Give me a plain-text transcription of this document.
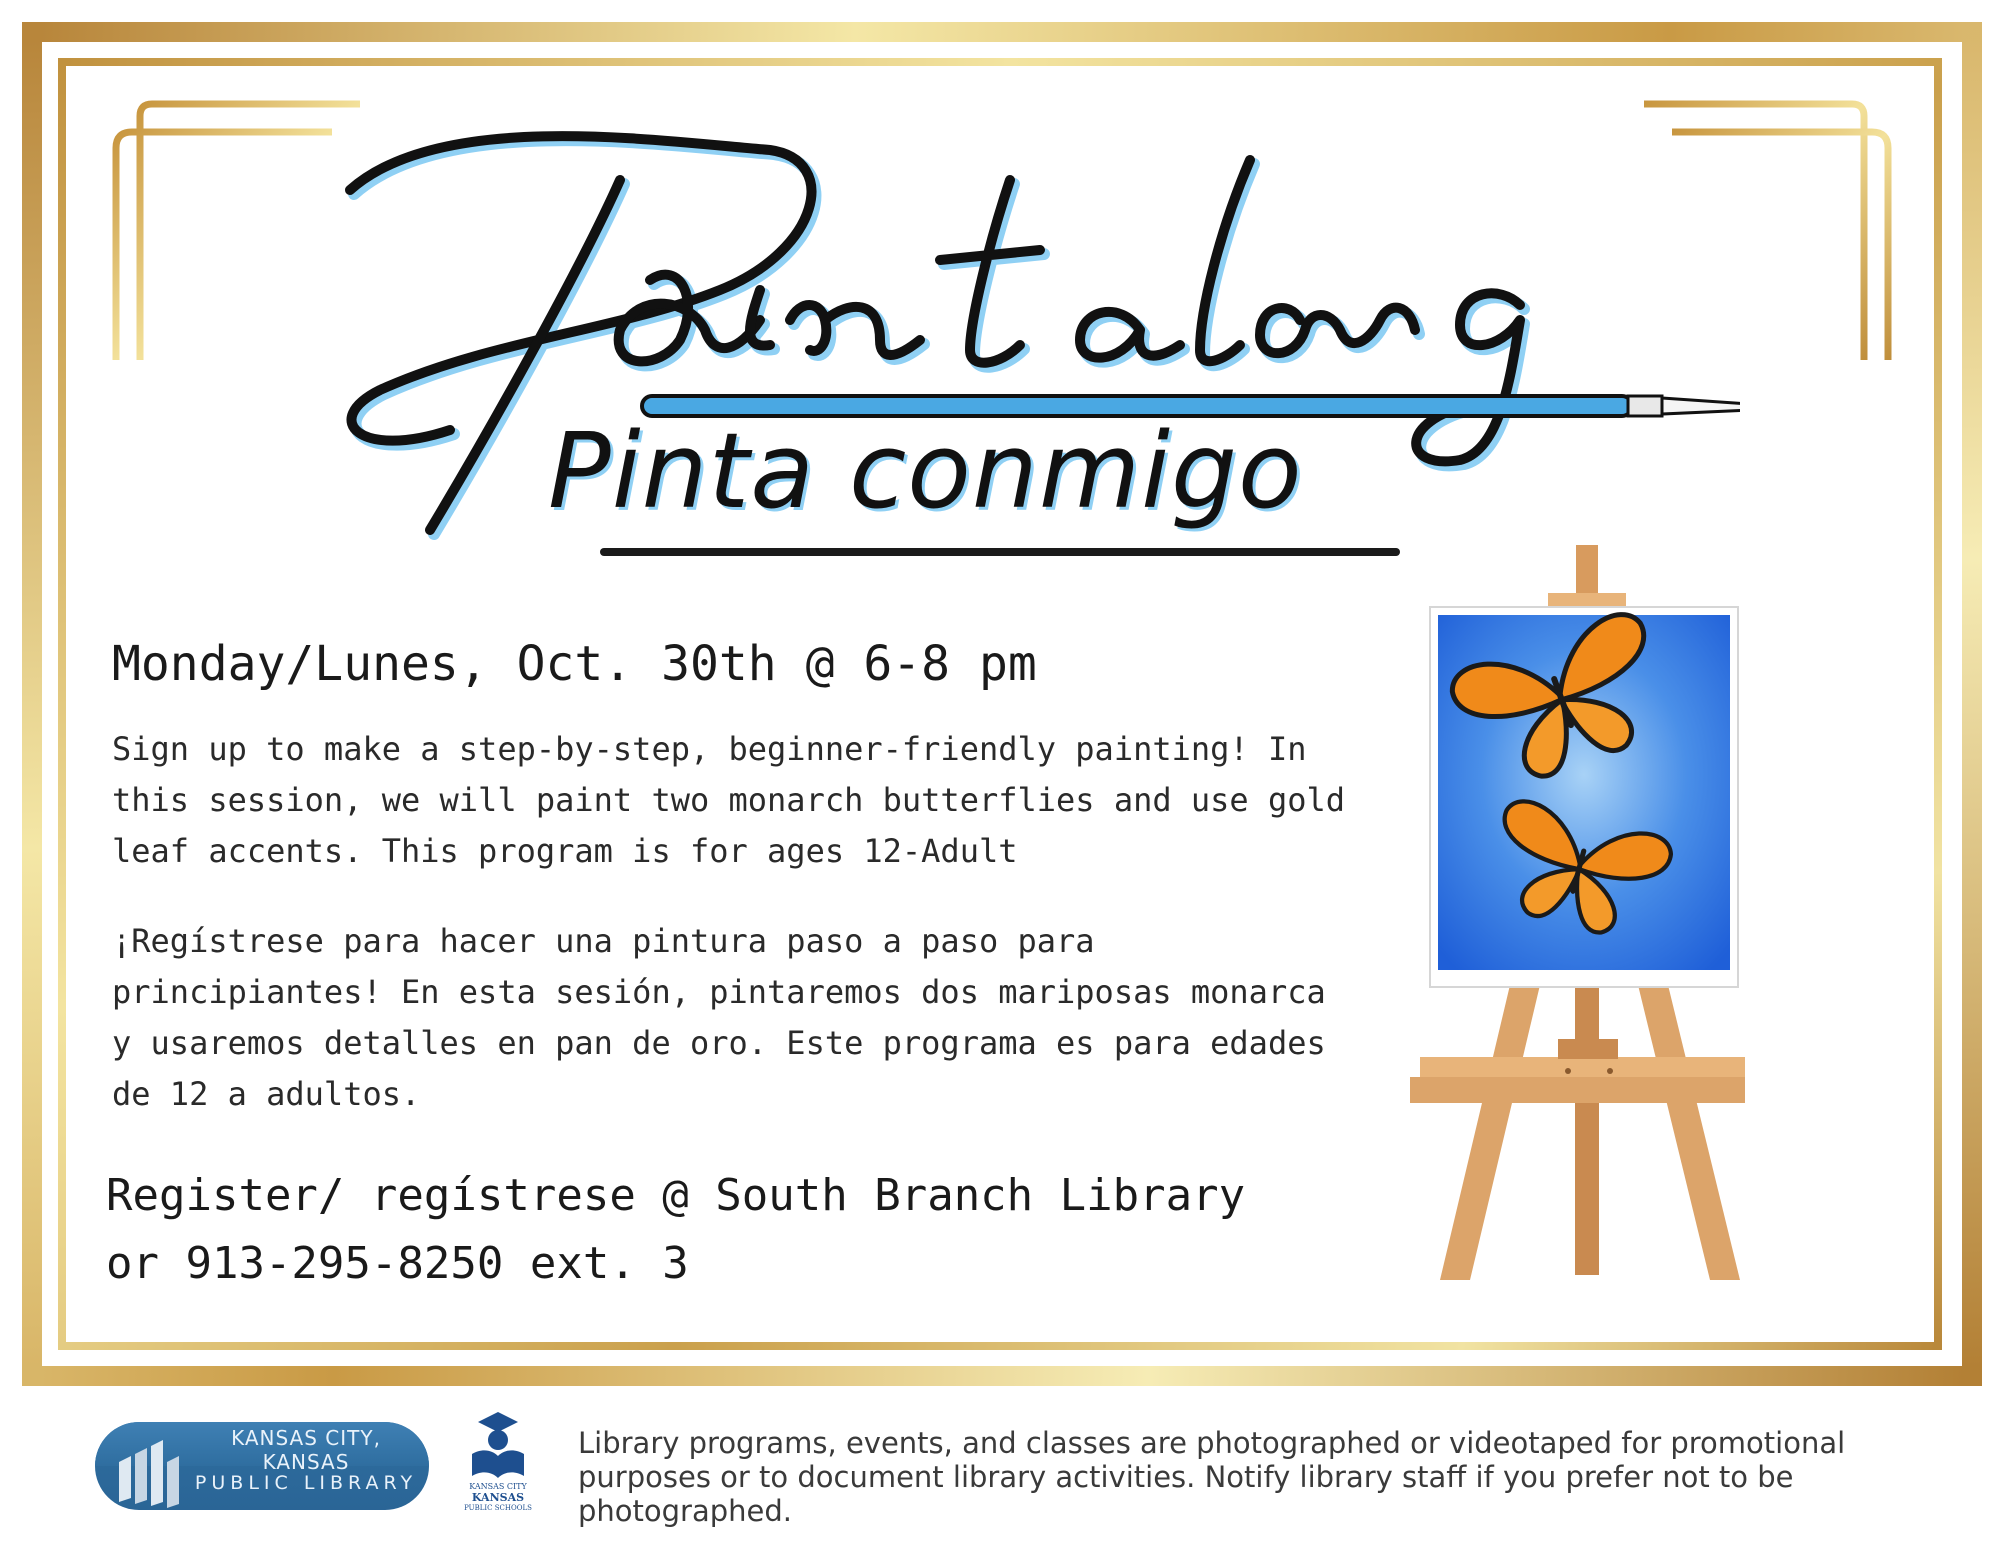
Pinta conmigo
Monday/Lunes, Oct. 30th @ 6-8 pm
Sign up to make a step-by-step, beginner-friendly painting! In this session, we will paint two monarch butterflies and use gold leaf accents. This program is for ages 12-Adult
¡Regístrese para hacer una pintura paso a paso para principiantes! En esta sesión, pintaremos dos mariposas monarca y usaremos detalles en pan de oro. Este programa es para edades de 12 a adultos.
Register/ regístrese @ South Branch Library
or 913-295-8250 ext. 3
KANSAS CITY, KANSAS
PUBLIC LIBRARY	KANSAS CITY
KANSAS
PUBLIC SCHOOLS
Library programs, events, and classes are photographed or videotaped for promotional purposes or to document library activities. Notify library staff if you prefer not to be photographed.
